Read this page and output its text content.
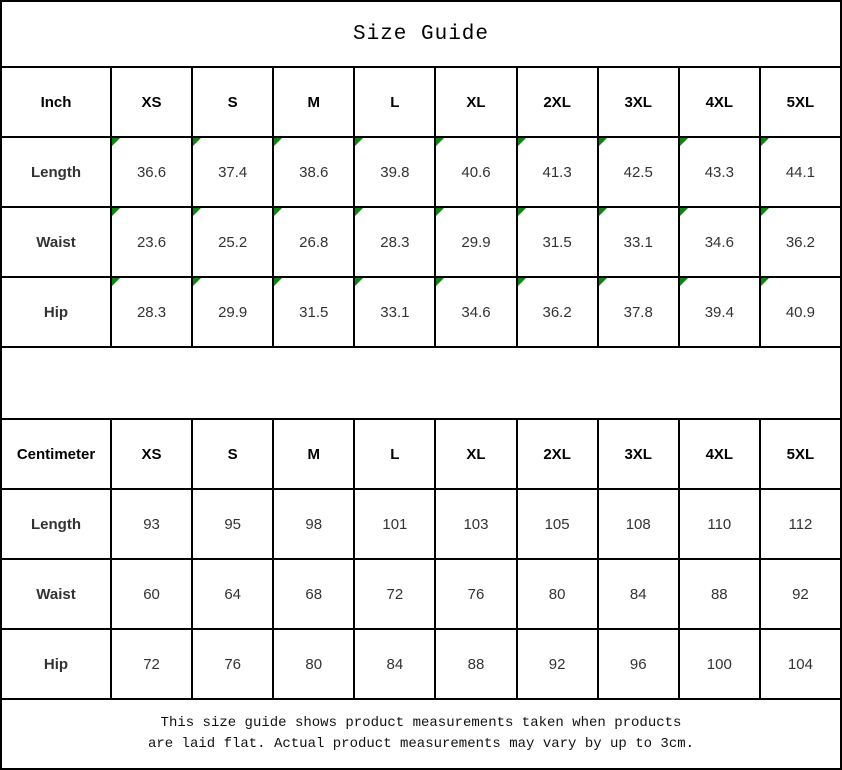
Size Guide									
Inch	XS	S	M	L	XL	2XL	3XL	4XL	5XL
Length	36.6	37.4	38.6	39.8	40.6	41.3	42.5	43.3	44.1
Waist	23.6	25.2	26.8	28.3	29.9	31.5	33.1	34.6	36.2
Hip	28.3	29.9	31.5	33.1	34.6	36.2	37.8	39.4	40.9

Centimeter	XS	S	M	L	XL	2XL	3XL	4XL	5XL
Length	93	95	98	101	103	105	108	110	112
Waist	60	64	68	72	76	80	84	88	92
Hip	72	76	80	84	88	92	96	100	104

This size guide shows product measurements taken when products
are laid flat. Actual product measurements may vary by up to 3cm.									
